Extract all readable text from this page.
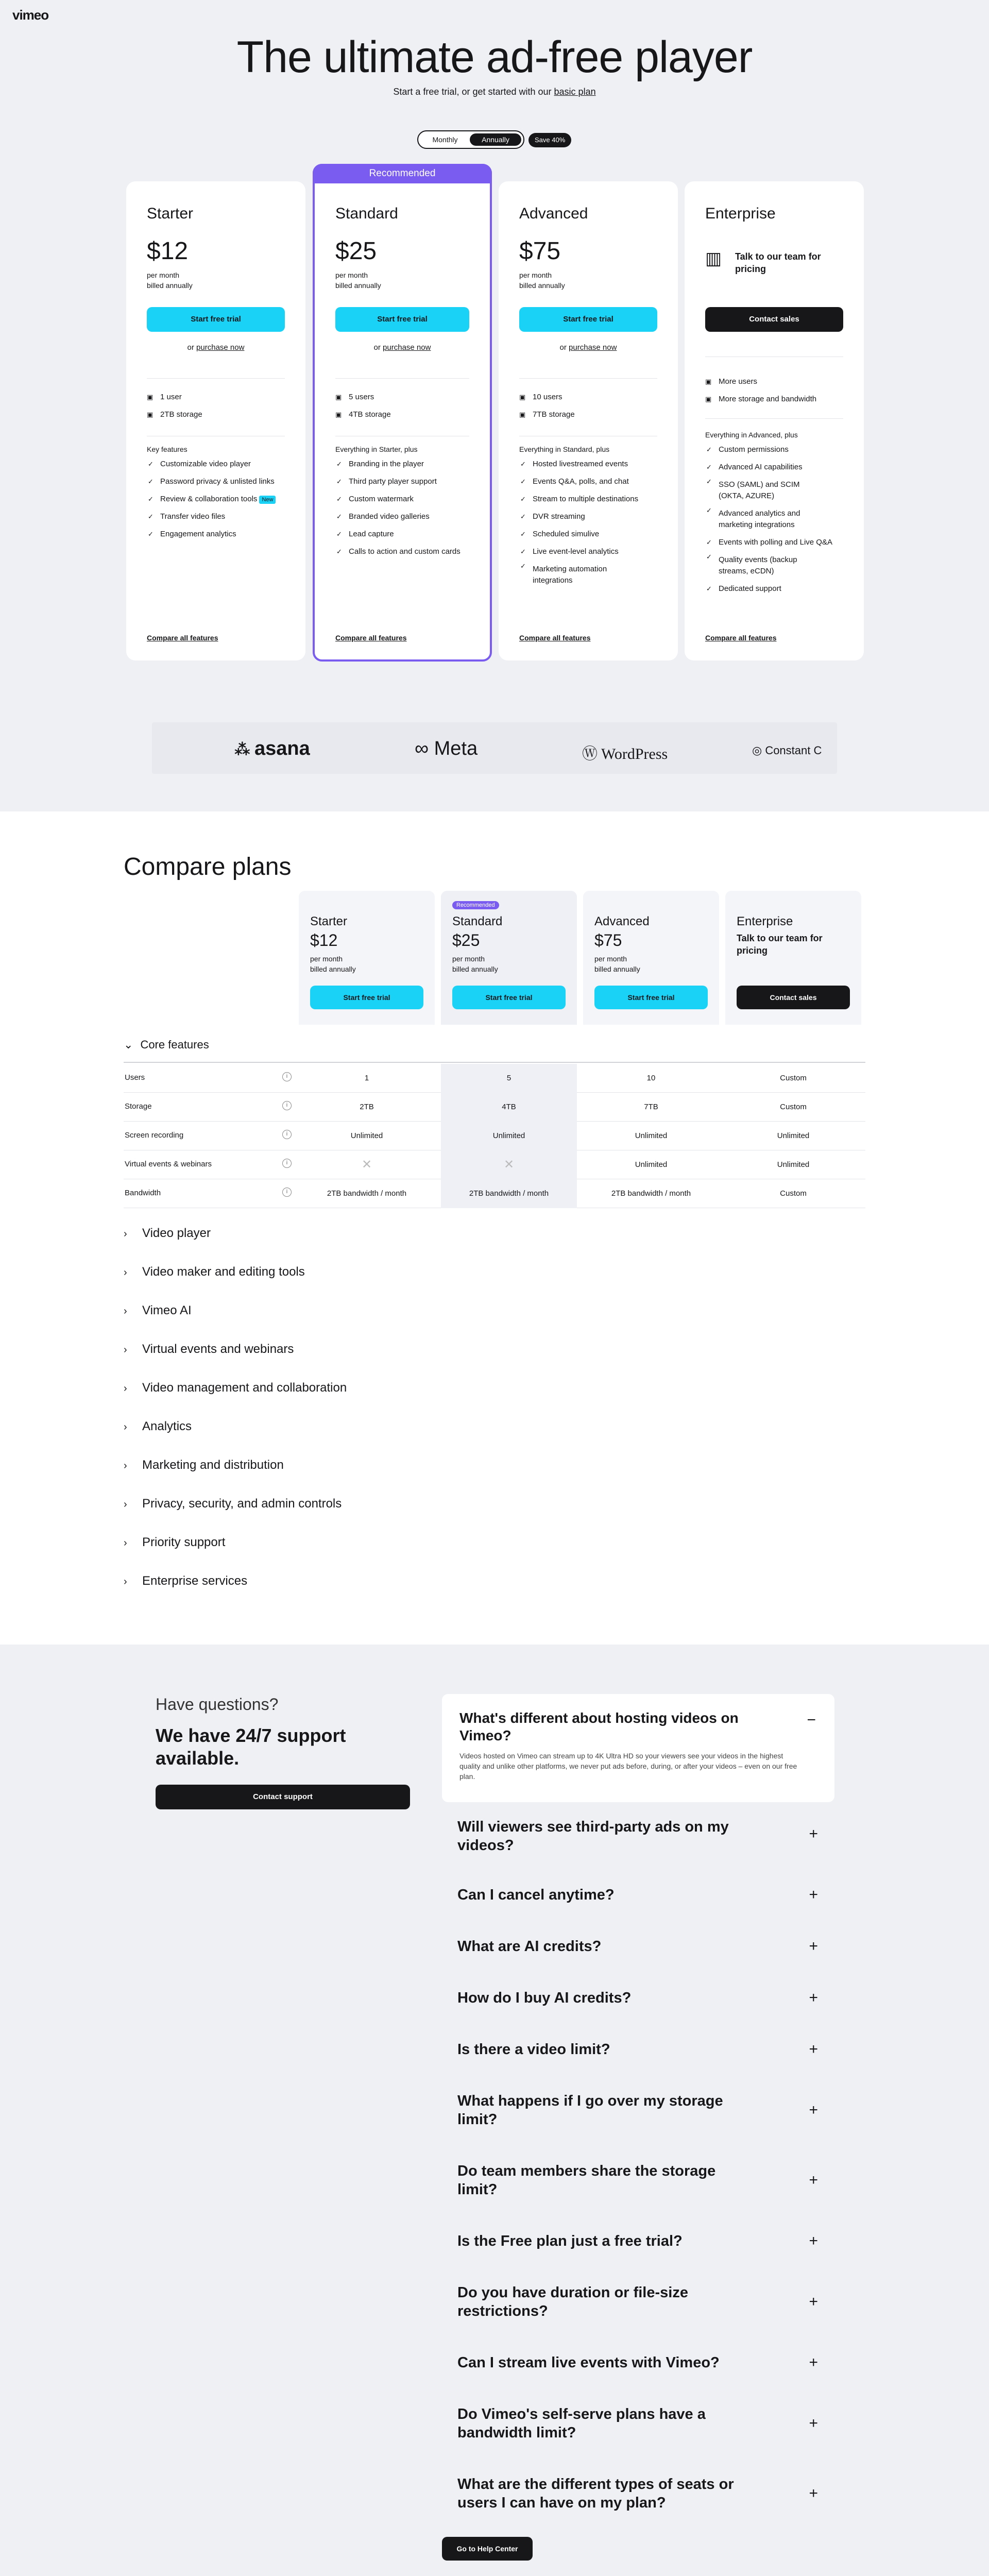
vimeo
The ultimate ad-free player
Start a free trial, or get started with our basic plan
Monthly	Annually	Save 40%
Starter
$12
per month
billed annually
Start free trial
or purchase now
▣ 1 user
▣ 2TB storage
Key features
✓ Customizable video player
✓ Password privacy & unlisted links
✓ Review & collaboration tools New
✓ Transfer video files
✓ Engagement analytics
Compare all features
Recommended
Standard
$25
per month
billed annually
Start free trial
or purchase now
▣ 5 users
▣ 4TB storage
Everything in Starter, plus
✓ Branding in the player
✓ Third party player support
✓ Custom watermark
✓ Branded video galleries
✓ Lead capture
✓ Calls to action and custom cards
Compare all features
Advanced
$75
per month
billed annually
Start free trial
or purchase now
▣ 10 users
▣ 7TB storage
Everything in Standard, plus
✓ Hosted livestreamed events
✓ Events Q&A, polls, and chat
✓ Stream to multiple destinations
✓ DVR streaming
✓ Scheduled simulive
✓ Live event-level analytics
✓ Marketing automation integrations
Compare all features
Enterprise
▥ Talk to our team for pricing
Contact sales
▣ More users
▣ More storage and bandwidth
Everything in Advanced, plus
✓ Custom permissions
✓ Advanced AI capabilities
✓ SSO (SAML) and SCIM (OKTA, AZURE)
✓ Advanced analytics and marketing integrations
✓ Events with polling and Live Q&A
✓ Quality events (backup streams, eCDN)
✓ Dedicated support
Compare all features
⁂ asana	∞ Meta	Ⓦ WordPress	◎ Constant C
Compare plans
Starter
$12
per month
billed annually
Start free trial
Recommended
Standard
$25
per month
billed annually
Start free trial
Advanced
$75
per month
billed annually
Start free trial
Enterprise
Talk to our team for pricing
Contact sales
⌄ Core features
Users	i	1	5	10	Custom
Storage	i	2TB	4TB	7TB	Custom
Screen recording	i	Unlimited	Unlimited	Unlimited	Unlimited
Virtual events & webinars	i	✕	✕	Unlimited	Unlimited
Bandwidth	i	2TB bandwidth / month	2TB bandwidth / month	2TB bandwidth / month	Custom
› Video player
› Video maker and editing tools
› Vimeo AI
› Virtual events and webinars
› Video management and collaboration
› Analytics
› Marketing and distribution
› Privacy, security, and admin controls
› Priority support
› Enterprise services
Have questions?
We have 24/7 support available.
Contact support
What's different about hosting videos on Vimeo?
−
Videos hosted on Vimeo can stream up to 4K Ultra HD so your viewers see your videos in the highest quality and unlike other platforms, we never put ads before, during, or after your videos – even on our free plan.
Will viewers see third-party ads on my videos?
+
Can I cancel anytime?	+
What are AI credits?	+
How do I buy AI credits?	+
Is there a video limit?	+
What happens if I go over my storage limit?
+
Do team members share the storage limit?
+
Is the Free plan just a free trial?	+
Do you have duration or file-size restrictions?
+
Can I stream live events with Vimeo?	+
Do Vimeo's self-serve plans have a bandwidth limit?
+
What are the different types of seats or users I can have on my plan?
+
Go to Help Center
